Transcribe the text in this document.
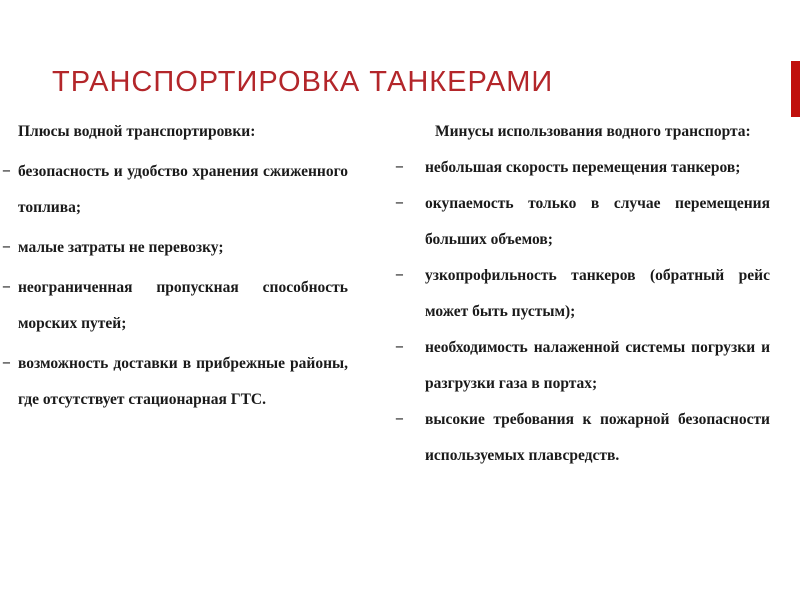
ТРАНСПОРТИРОВКА ТАНКЕРАМИ
Плюсы водной транспортировки:
− безопасность и удобство хранения сжиженного топлива;
− малые затраты не перевозку;
− неограниченная пропускная способность морских путей;
− возможность доставки в прибрежные районы, где отсутствует стационарная ГТС.
Минусы использования водного транспорта:
− небольшая скорость перемещения танкеров;
− окупаемость только в случае перемещения больших объемов;
− узкопрофильность танкеров (обратный рейс может быть пустым);
− необходимость налаженной системы погрузки и разгрузки газа в портах;
− высокие требования к пожарной безопасности используемых плавсредств.
